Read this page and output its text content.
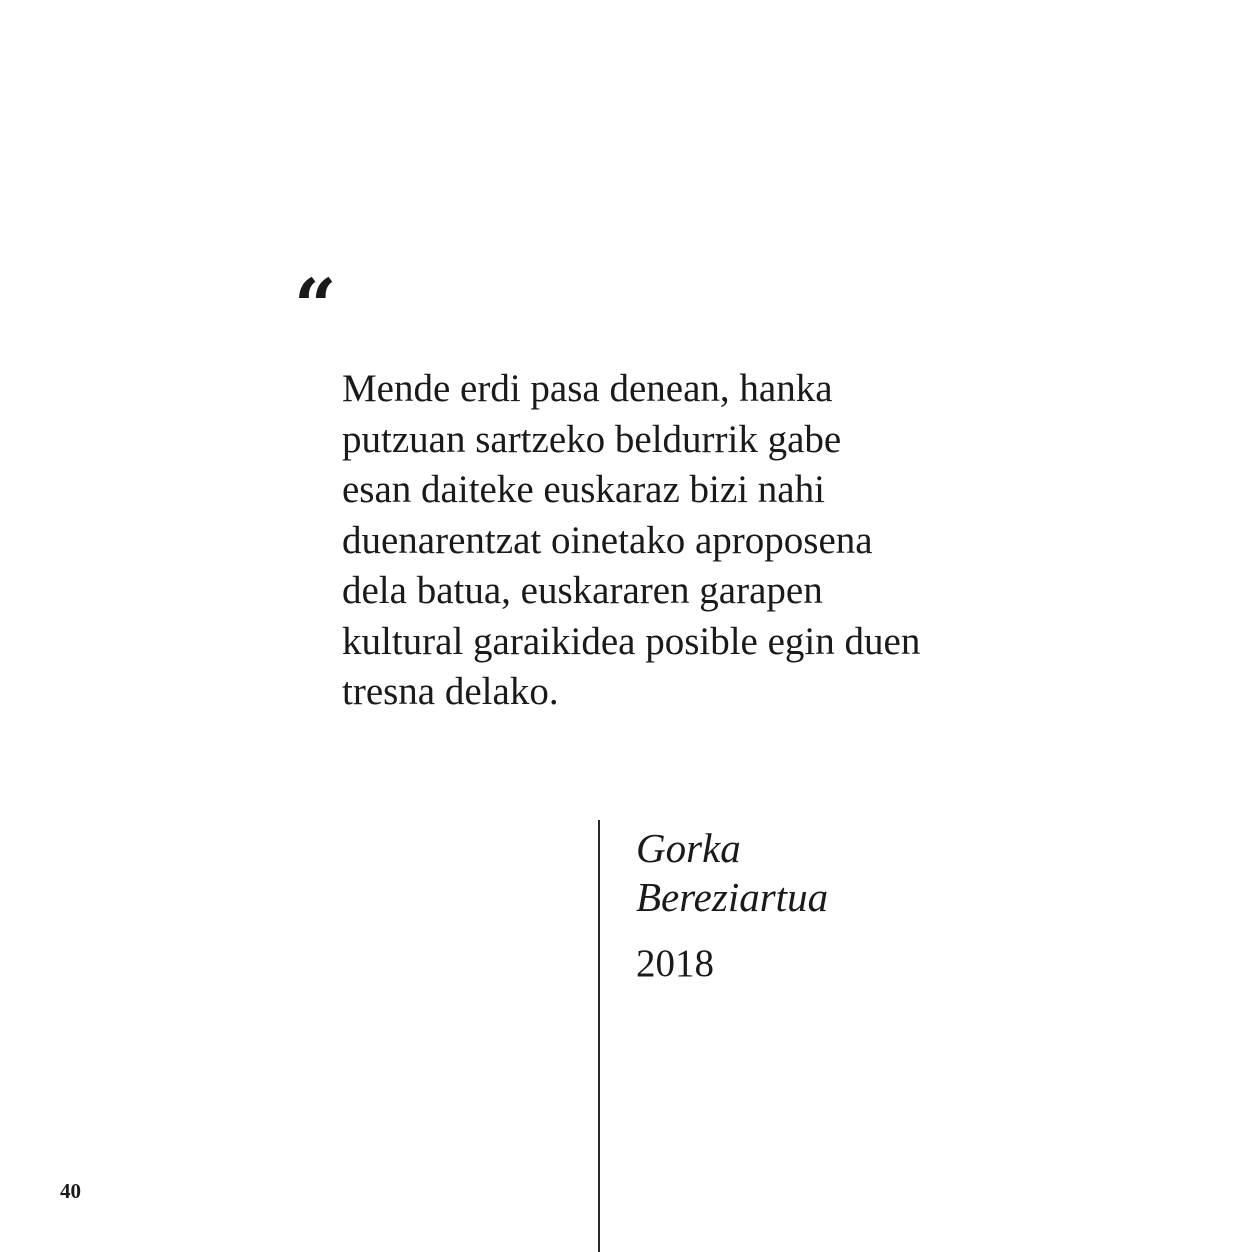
“

Mende erdi pasa denean, hanka
putzuan sartzeko beldurrik gabe
esan daiteke euskaraz bizi nahi
duenarentzat oinetako aproposena
dela batua, euskararen garapen
kultural garaikidea posible egin duen
tresna delako.

Gorka
Bereziartua
2018
40
